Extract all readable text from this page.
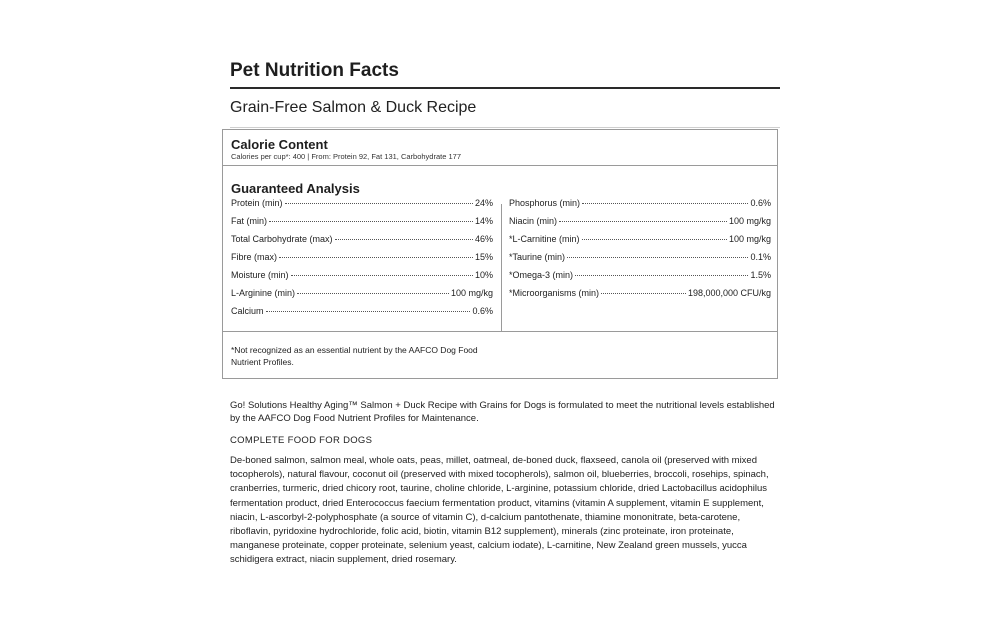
Pet Nutrition Facts
Grain-Free Salmon & Duck Recipe
Calorie Content
Calories per cup*: 400 | From: Protein 92, Fat 131, Carbohydrate 177
Guaranteed Analysis
Protein (min)	24%
Fat (min)	14%
Total Carbohydrate (max)	46%
Fibre (max)	15%
Moisture (min)	10%
L-Arginine (min)	100 mg/kg
Calcium	0.6%
Phosphorus (min)	0.6%
Niacin (min)	100 mg/kg
*L-Carnitine (min)	100 mg/kg
*Taurine (min)	0.1%
*Omega-3 (min)	1.5%
*Microorganisms (min)	198,000,000 CFU/kg
*Not recognized as an essential nutrient by the AAFCO Dog Food Nutrient Profiles.
Go! Solutions Healthy Aging™ Salmon + Duck Recipe with Grains for Dogs is formulated to meet the nutritional levels established by the AAFCO Dog Food Nutrient Profiles for Maintenance.
COMPLETE FOOD FOR DOGS
De-boned salmon, salmon meal, whole oats, peas, millet, oatmeal, de-boned duck, flaxseed, canola oil (preserved with mixed tocopherols), natural flavour, coconut oil (preserved with mixed tocopherols), salmon oil, blueberries, broccoli, rosehips, spinach, cranberries, turmeric, dried chicory root, taurine, choline chloride, L-arginine, potassium chloride, dried Lactobacillus acidophilus fermentation product, dried Enterococcus faecium fermentation product, vitamins (vitamin A supplement, vitamin E supplement, niacin, L-ascorbyl-2-polyphosphate (a source of vitamin C), d-calcium pantothenate, thiamine mononitrate, beta-carotene, riboflavin, pyridoxine hydrochloride, folic acid, biotin, vitamin B12 supplement), minerals (zinc proteinate, iron proteinate, manganese proteinate, copper proteinate, selenium yeast, calcium iodate), L-carnitine, New Zealand green mussels, yucca schidigera extract, niacin supplement, dried rosemary.
